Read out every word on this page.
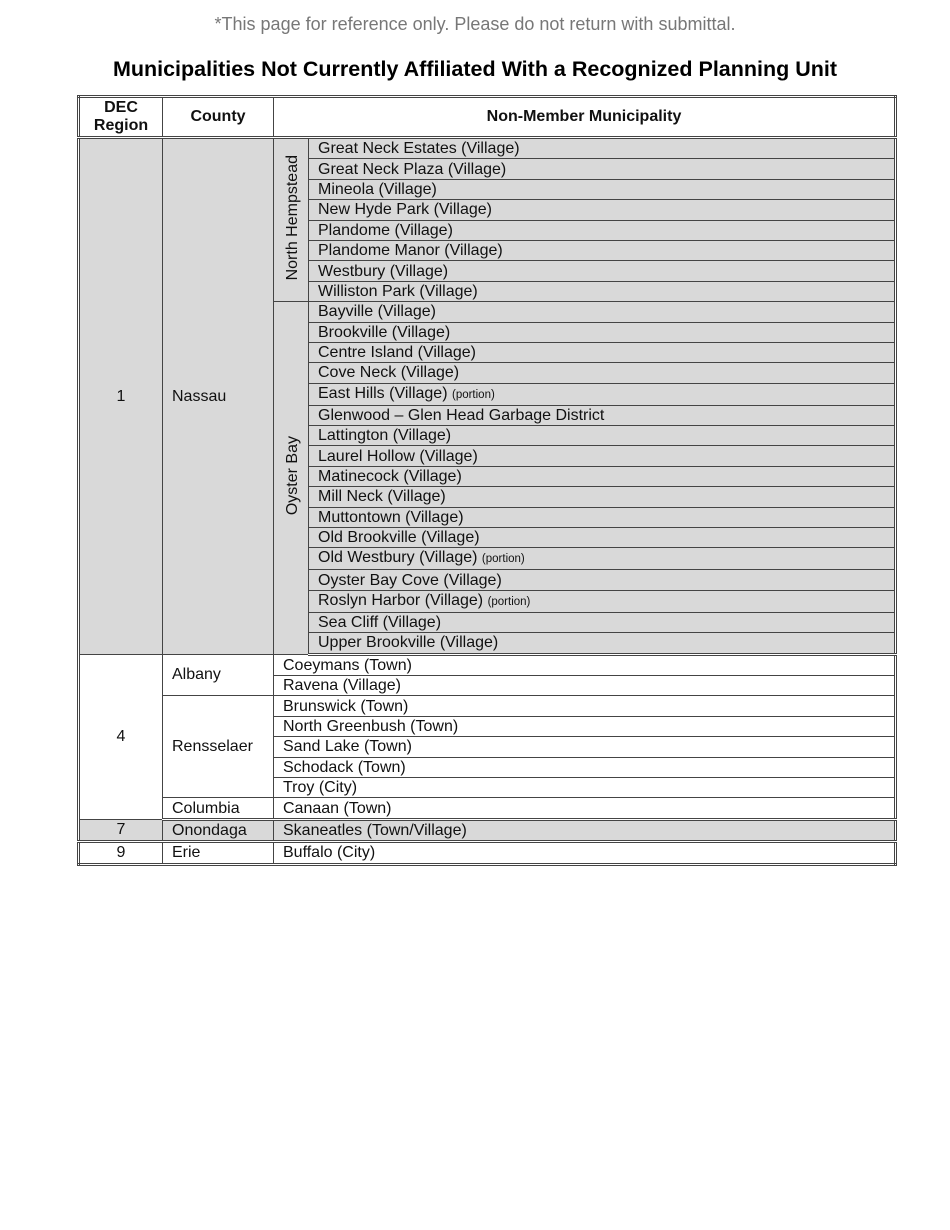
*This page for reference only. Please do not return with submittal.
Municipalities Not Currently Affiliated With a Recognized Planning Unit
DEC Region	County	Non-Member Municipality	
1	Nassau	North Hempstead	Great Neck Estates (Village)
			Great Neck Plaza (Village)
			Mineola (Village)
			New Hyde Park (Village)
			Plandome (Village)
			Plandome Manor (Village)
			Westbury (Village)
			Williston Park (Village)
		Oyster Bay	Bayville (Village)
			Brookville (Village)
			Centre Island (Village)
			Cove Neck (Village)
			East Hills (Village) (portion)
			Glenwood – Glen Head Garbage District
			Lattington (Village)
			Laurel Hollow (Village)
			Matinecock (Village)
			Mill Neck (Village)
			Muttontown (Village)
			Old Brookville (Village)
			Old Westbury (Village) (portion)
			Oyster Bay Cove (Village)
			Roslyn Harbor (Village) (portion)
			Sea Cliff (Village)
			Upper Brookville (Village)
4	Albany	Coeymans (Town)	
		Ravena (Village)	
	Rensselaer	Brunswick (Town)	
		North Greenbush (Town)	
		Sand Lake (Town)	
		Schodack (Town)	
		Troy (City)	
	Columbia	Canaan (Town)	
7	Onondaga	Skaneatles (Town/Village)	
9	Erie	Buffalo (City)	
